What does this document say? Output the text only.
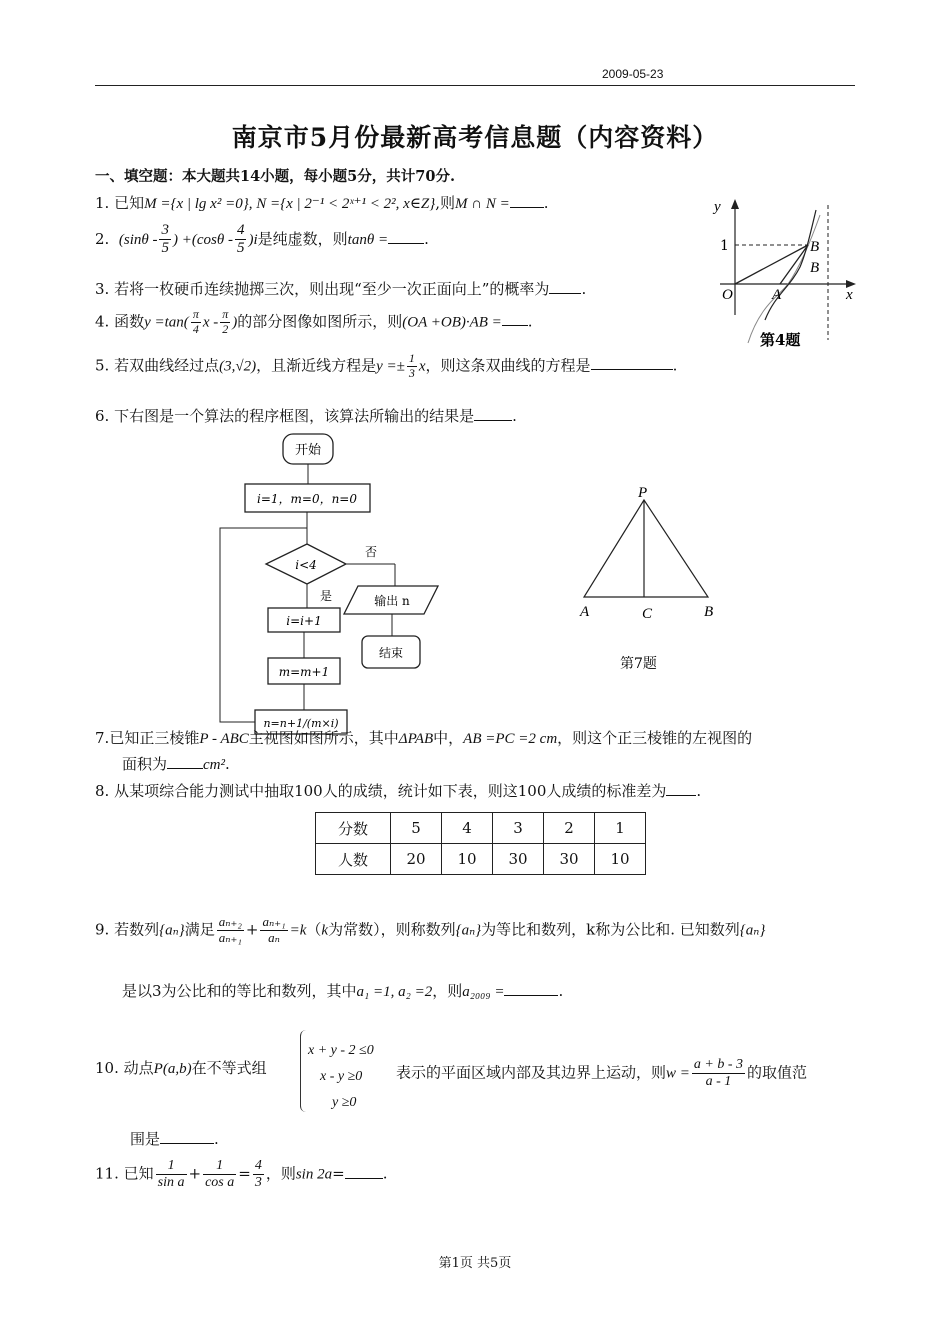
2009-05-23
南京市5月份最新高考信息题（内容资料）
一、填空题：本大题共14小题，每小题5分，共计70分.
1. 已知M ={x | lg x² =0}, N ={x | 2⁻¹ < 2ˣ⁺¹ < 2², x∈Z},则M ∩ N = .
2. ($\sin\theta - \frac{3}{5}$ ) $+(\cos\theta - \frac{4}{5} )i$是纯虚数，则tanθ = .
3. 若将一枚硬币连续抛掷三次，则出现“至少一次正面向上”的概率为 .
4. 函数$y =\tan( \frac{\pi}{4}$ x - $\frac{\pi}{2}$ )的部分图像如图所示，则(OA +OB)·AB = .
5. 若双曲线经过点(3,√2)，且渐近线方程是$y =\pm \frac{1}{3}$ x，则这条双曲线的方程是	.
6. 下右图是一个算法的程序框图，该算法所输出的结果是	.
y
x
1
O	A
B
B
第4题
开始
i=1，m=0，n=0
i<4
是
否
输出 n
结束
i=i+1
m=m+1
n=n+1/(m×i)
P
A	C	B
第7题
7.已知正三棱锥P - ABC主视图如图所示，其中ΔPAB中，AB =PC =2 cm，则这个正三棱锥的左视图的
面积为 cm².
8. 从某项综合能力测试中抽取100人的成绩，统计如下表，则这100人成绩的标准差为 .
分数	5	4	3	2	1
人数	20	10	30	30	10
9. 若数列{aₙ}满足 $\frac{\text{aₙ₊₂}}{\text{aₙ₊₁}} + \frac{\text{aₙ₊₁}}{\text{aₙ}} =k(k$为常数），则称数列{aₙ}为等比和数列，k称为公比和. 已知数列{aₙ}
是以3为公比和的等比和数列，其中a₁ =1, a₂ =2，则a₂₀₀₉ =	.
10. 动点P(a,b)在不等式组
x + y - 2 ≤0
x - y ≥0
y ≥0
表示的平面区域内部及其边界上运动，则$w = \frac{a + b - 3}{a - 1}$ 的取值范
围是	.
11. 已知 $\frac{1}{\text{sin a}} + \frac{1}{\text{cos a}} = \frac{4}{3}$ ，则sin 2a=	.
第1页 共5页
